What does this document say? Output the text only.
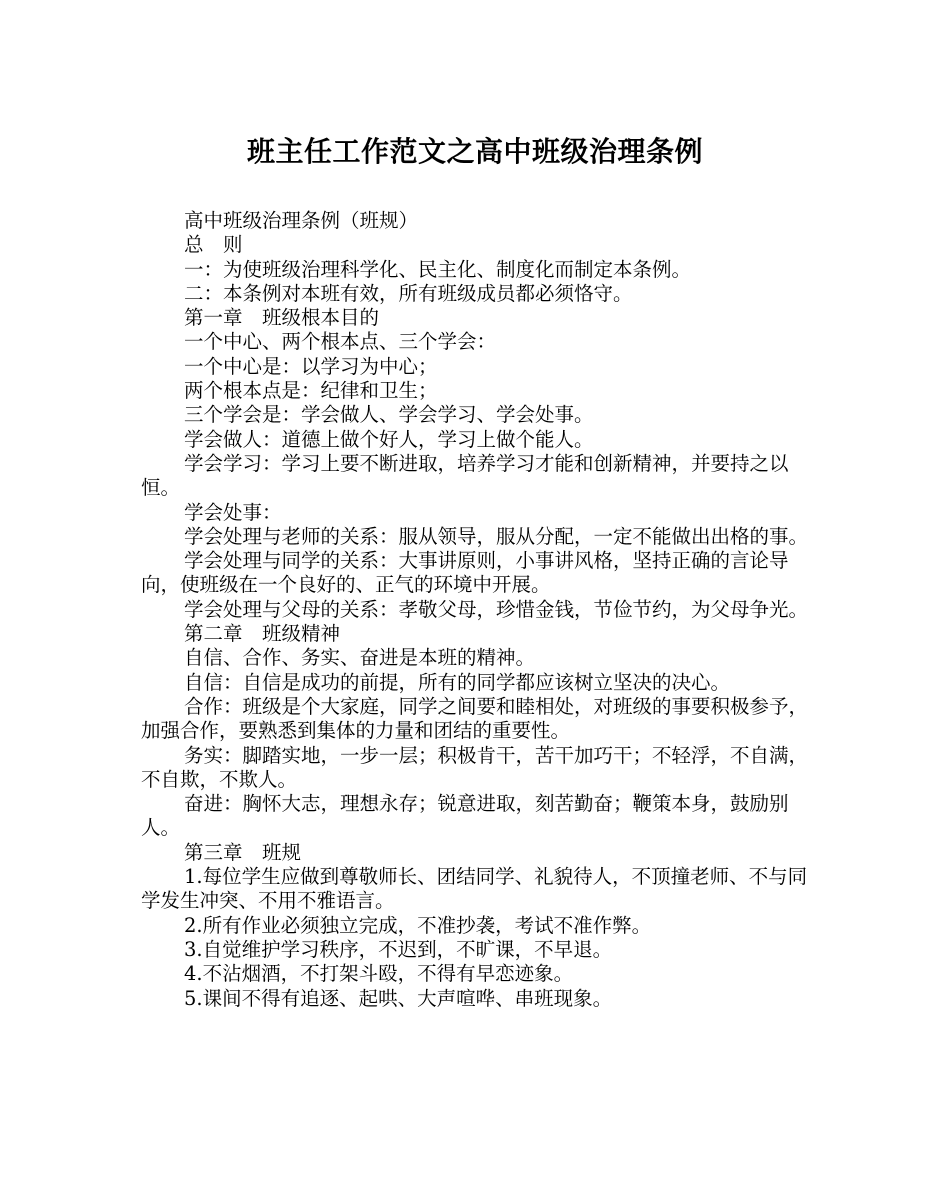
班主任工作范文之高中班级治理条例

高中班级治理条例（班规）

总　则

一：为使班级治理科学化、民主化、制度化而制定本条例。

二：本条例对本班有效，所有班级成员都必须恪守。

第一章　班级根本目的

一个中心、两个根本点、三个学会：

一个中心是：以学习为中心；

两个根本点是：纪律和卫生；

三个学会是：学会做人、学会学习、学会处事。

学会做人：道德上做个好人，学习上做个能人。

学会学习：学习上要不断进取，培养学习才能和创新精神，并要持之以恒。

学会处事：

学会处理与老师的关系：服从领导，服从分配，一定不能做出出格的事。

学会处理与同学的关系：大事讲原则，小事讲风格，坚持正确的言论导向，使班级在一个良好的、正气的环境中开展。

学会处理与父母的关系：孝敬父母，珍惜金钱，节俭节约，为父母争光。

第二章　班级精神

自信、合作、务实、奋进是本班的精神。

自信：自信是成功的前提，所有的同学都应该树立坚决的决心。

合作：班级是个大家庭，同学之间要和睦相处，对班级的事要积极参予，加强合作，要熟悉到集体的力量和团结的重要性。

务实：脚踏实地，一步一层；积极肯干，苦干加巧干；不轻浮，不自满，不自欺，不欺人。

奋进：胸怀大志，理想永存；锐意进取，刻苦勤奋；鞭策本身，鼓励别人。

第三章　班规

1.每位学生应做到尊敬师长、团结同学、礼貌待人，不顶撞老师、不与同学发生冲突、不用不雅语言。

2.所有作业必须独立完成，不准抄袭，考试不准作弊。

3.自觉维护学习秩序，不迟到，不旷课，不早退。

4.不沾烟酒，不打架斗殴，不得有早恋迹象。

5.课间不得有追逐、起哄、大声喧哗、串班现象。
